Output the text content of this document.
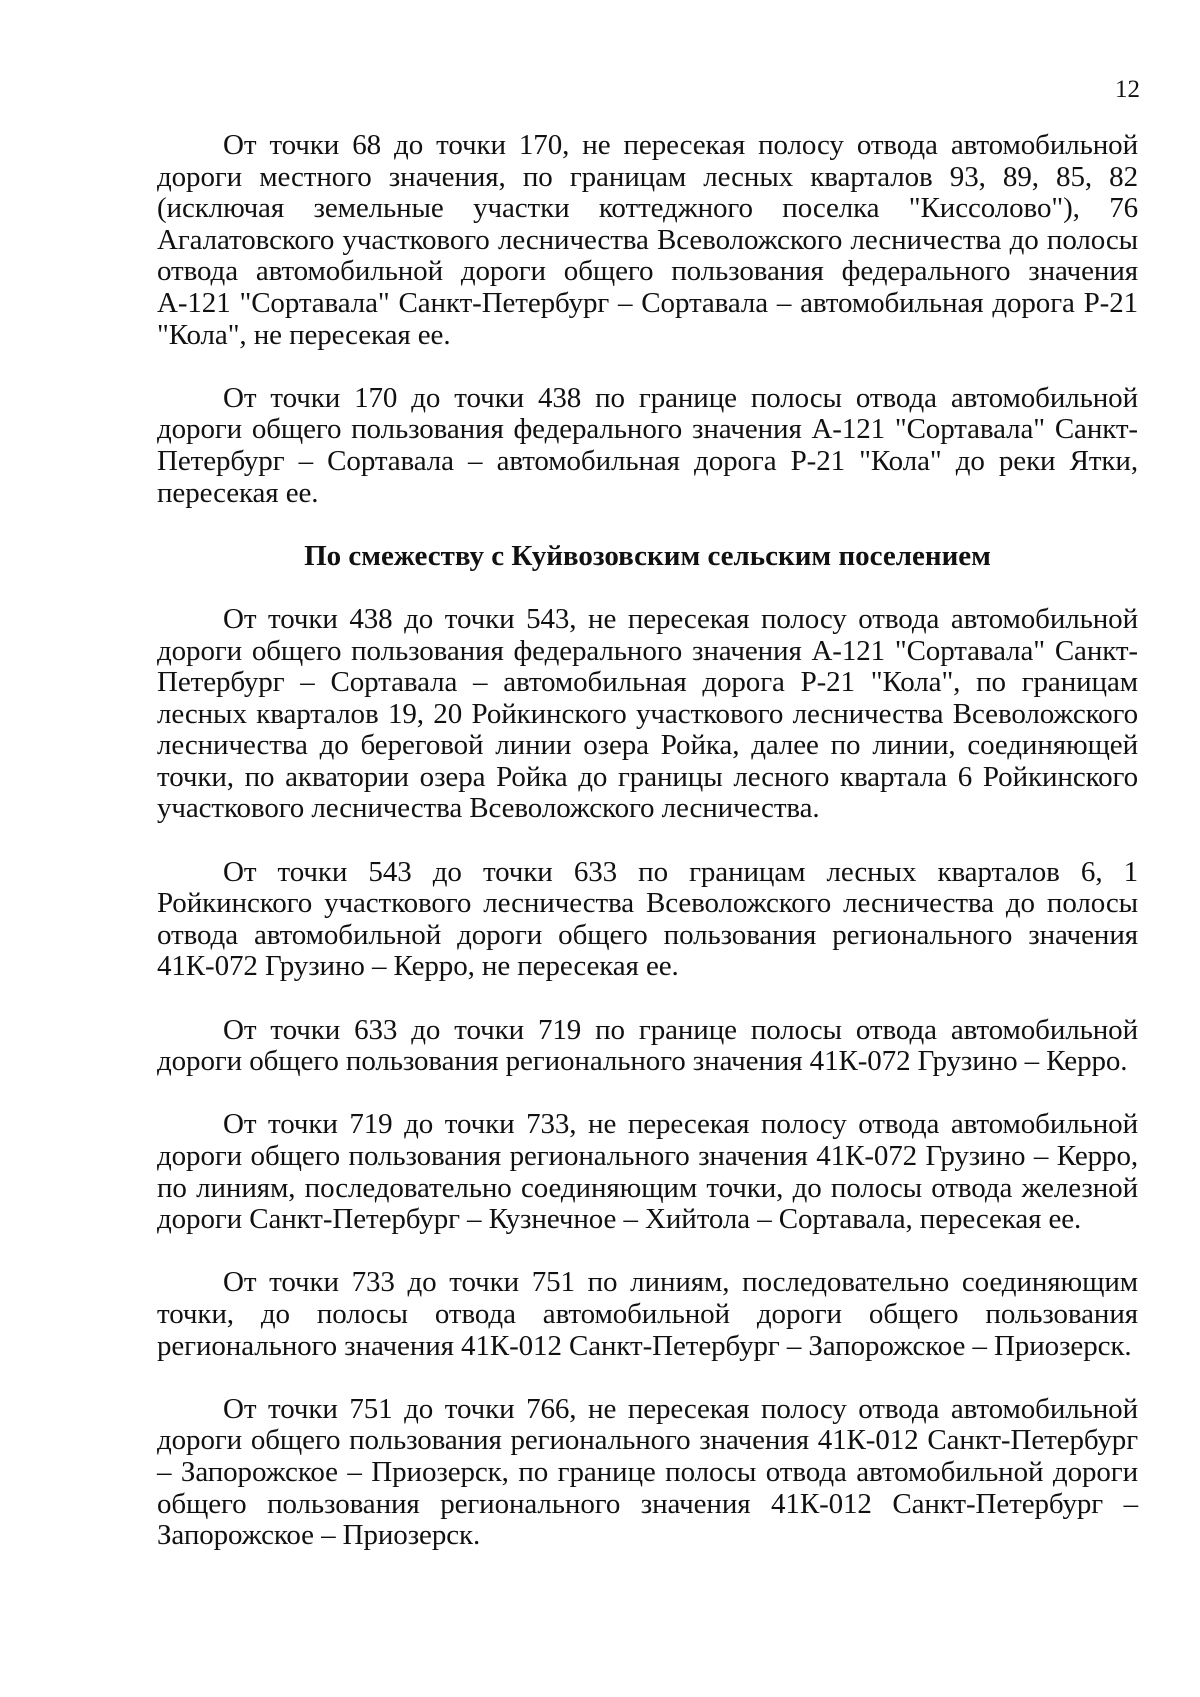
12

От точки 68 до точки 170, не пересекая полосу отвода автомобильной дороги местного значения, по границам лесных кварталов 93, 89, 85, 82 (исключая земельные участки коттеджного поселка "Киссолово"), 76 Агалатовского участкового лесничества Всеволожского лесничества до полосы отвода автомобильной дороги общего пользования федерального значения А-121 "Сортавала" Санкт-Петербург – Сортавала – автомобильная дорога Р-21 "Кола", не пересекая ее.

От точки 170 до точки 438 по границе полосы отвода автомобильной дороги общего пользования федерального значения А-121 "Сортавала" Санкт-Петербург – Сортавала – автомобильная дорога Р-21 "Кола" до реки Ятки, пересекая ее.

По смежеству с Куйвозовским сельским поселением

От точки 438 до точки 543, не пересекая полосу отвода автомобильной дороги общего пользования федерального значения А-121 "Сортавала" Санкт-Петербург – Сортавала – автомобильная дорога Р-21 "Кола", по границам лесных кварталов 19, 20 Ройкинского участкового лесничества Всеволожского лесничества до береговой линии озера Ройка, далее по линии, соединяющей точки, по акватории озера Ройка до границы лесного квартала 6 Ройкинского участкового лесничества Всеволожского лесничества.

От точки 543 до точки 633 по границам лесных кварталов 6, 1 Ройкинского участкового лесничества Всеволожского лесничества до полосы отвода автомобильной дороги общего пользования регионального значения 41К-072 Грузино – Керро, не пересекая ее.

От точки 633 до точки 719 по границе полосы отвода автомобильной дороги общего пользования регионального значения 41К-072 Грузино – Керро.

От точки 719 до точки 733, не пересекая полосу отвода автомобильной дороги общего пользования регионального значения 41К-072 Грузино – Керро, по линиям, последовательно соединяющим точки, до полосы отвода железной дороги Санкт-Петербург – Кузнечное – Хийтола – Сортавала, пересекая ее.

От точки 733 до точки 751 по линиям, последовательно соединяющим точки, до полосы отвода автомобильной дороги общего пользования регионального значения 41К-012 Санкт-Петербург – Запорожское – Приозерск.

От точки 751 до точки 766, не пересекая полосу отвода автомобильной дороги общего пользования регионального значения 41К-012 Санкт-Петербург – Запорожское – Приозерск, по границе полосы отвода автомобильной дороги общего пользования регионального значения 41К-012 Санкт-Петербург – Запорожское – Приозерск.
